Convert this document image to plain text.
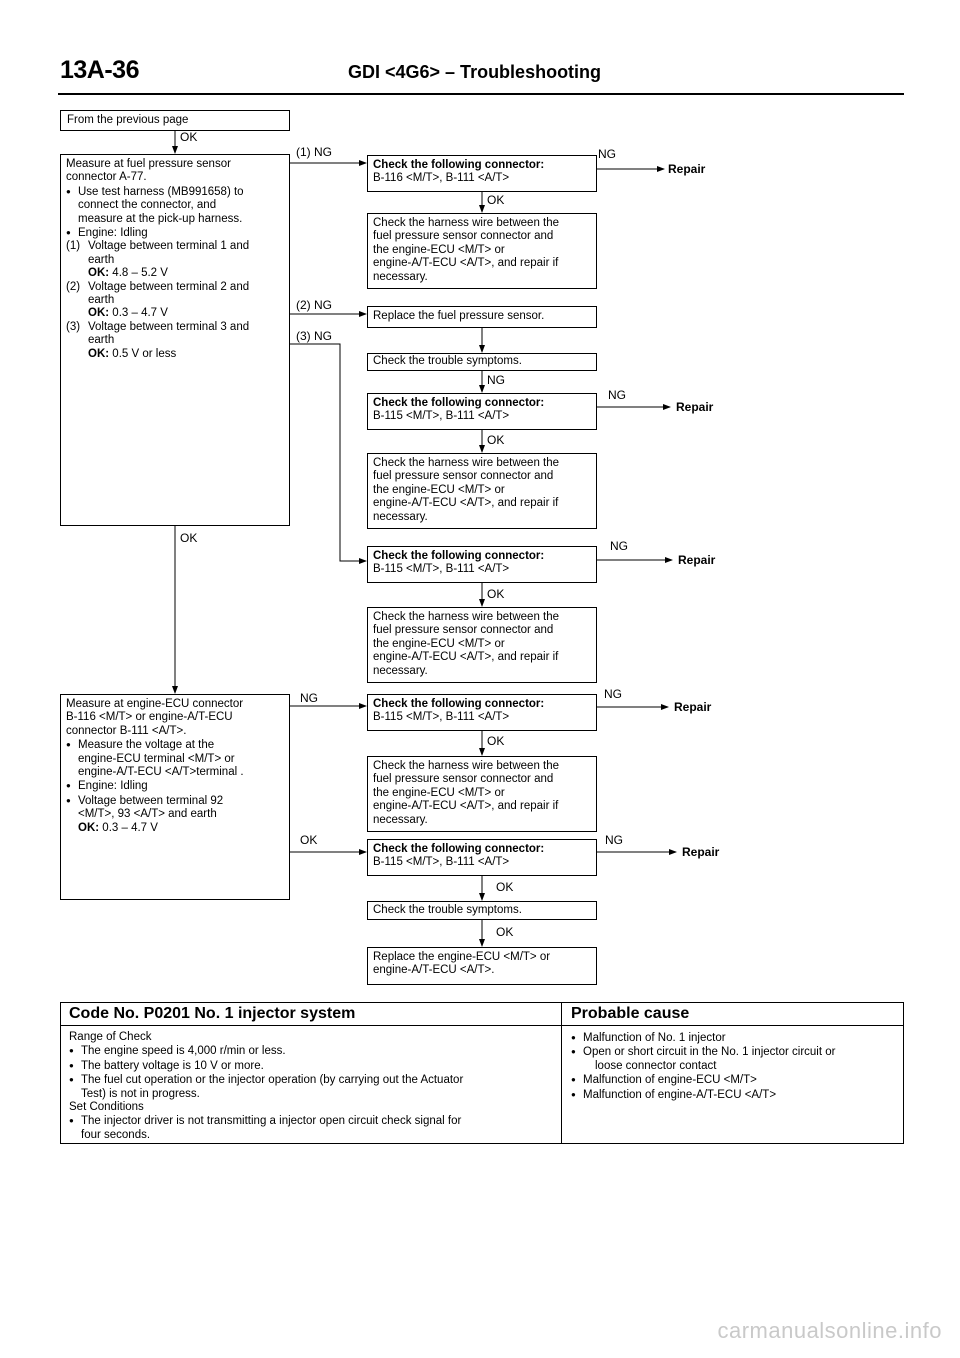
13A-36	GDI <4G6> – Troubleshooting
From the previous page
OK
Measure at fuel pressure sensor
connector A-77.
● Use test harness (MB991658) to
connect the connector, and
measure at the pick-up harness.
● Engine: Idling
(1) Voltage between terminal 1 and
earth
OK: 4.8 – 5.2 V
(2) Voltage between terminal 2 and
earth
OK: 0.3 – 4.7 V
(3) Voltage between terminal 3 and
earth
OK: 0.5 V or less
(1) NG
(2) NG
(3) NG
OK
Check the following connector:
B-116 <M/T>, B-111 <A/T>
NG
Repair
OK
Check the harness wire between the
fuel pressure sensor connector and
the engine-ECU <M/T> or
engine-A/T-ECU <A/T>, and repair if
necessary.
Replace the fuel pressure sensor.
Check the trouble symptoms.
NG
Check the following connector:
B-115 <M/T>, B-111 <A/T>
NG
Repair
OK
Check the harness wire between the
fuel pressure sensor connector and
the engine-ECU <M/T> or
engine-A/T-ECU <A/T>, and repair if
necessary.
Check the following connector:
B-115 <M/T>, B-111 <A/T>
NG
Repair
OK
Check the harness wire between the
fuel pressure sensor connector and
the engine-ECU <M/T> or
engine-A/T-ECU <A/T>, and repair if
necessary.
Measure at engine-ECU connector
B-116 <M/T> or engine-A/T-ECU
connector B-111 <A/T>.
● Measure the voltage at the
engine-ECU terminal <M/T> or
engine-A/T-ECU <A/T>terminal .
● Engine: Idling
● Voltage between terminal 92
<M/T>, 93 <A/T> and earth
OK: 0.3 – 4.7 V
NG
OK
Check the following connector:
B-115 <M/T>, B-111 <A/T>
NG
Repair
OK
Check the harness wire between the
fuel pressure sensor connector and
the engine-ECU <M/T> or
engine-A/T-ECU <A/T>, and repair if
necessary.
Check the following connector:
B-115 <M/T>, B-111 <A/T>
NG
Repair
OK
Check the trouble symptoms.
OK
Replace the engine-ECU <M/T> or
engine-A/T-ECU <A/T>.
Code No. P0201 No. 1 injector system	Probable cause
Range of Check
● The engine speed is 4,000 r/min or less.
● The battery voltage is 10 V or more.
● The fuel cut operation or the injector operation (by carrying out the Actuator
Test) is not in progress.
Set Conditions
● The injector driver is not transmitting a injector open circuit check signal for
four seconds.
● Malfunction of No. 1 injector
● Open or short circuit in the No. 1 injector circuit or
loose connector contact
● Malfunction of engine-ECU <M/T>
● Malfunction of engine-A/T-ECU <A/T>
carmanualsonline.info
